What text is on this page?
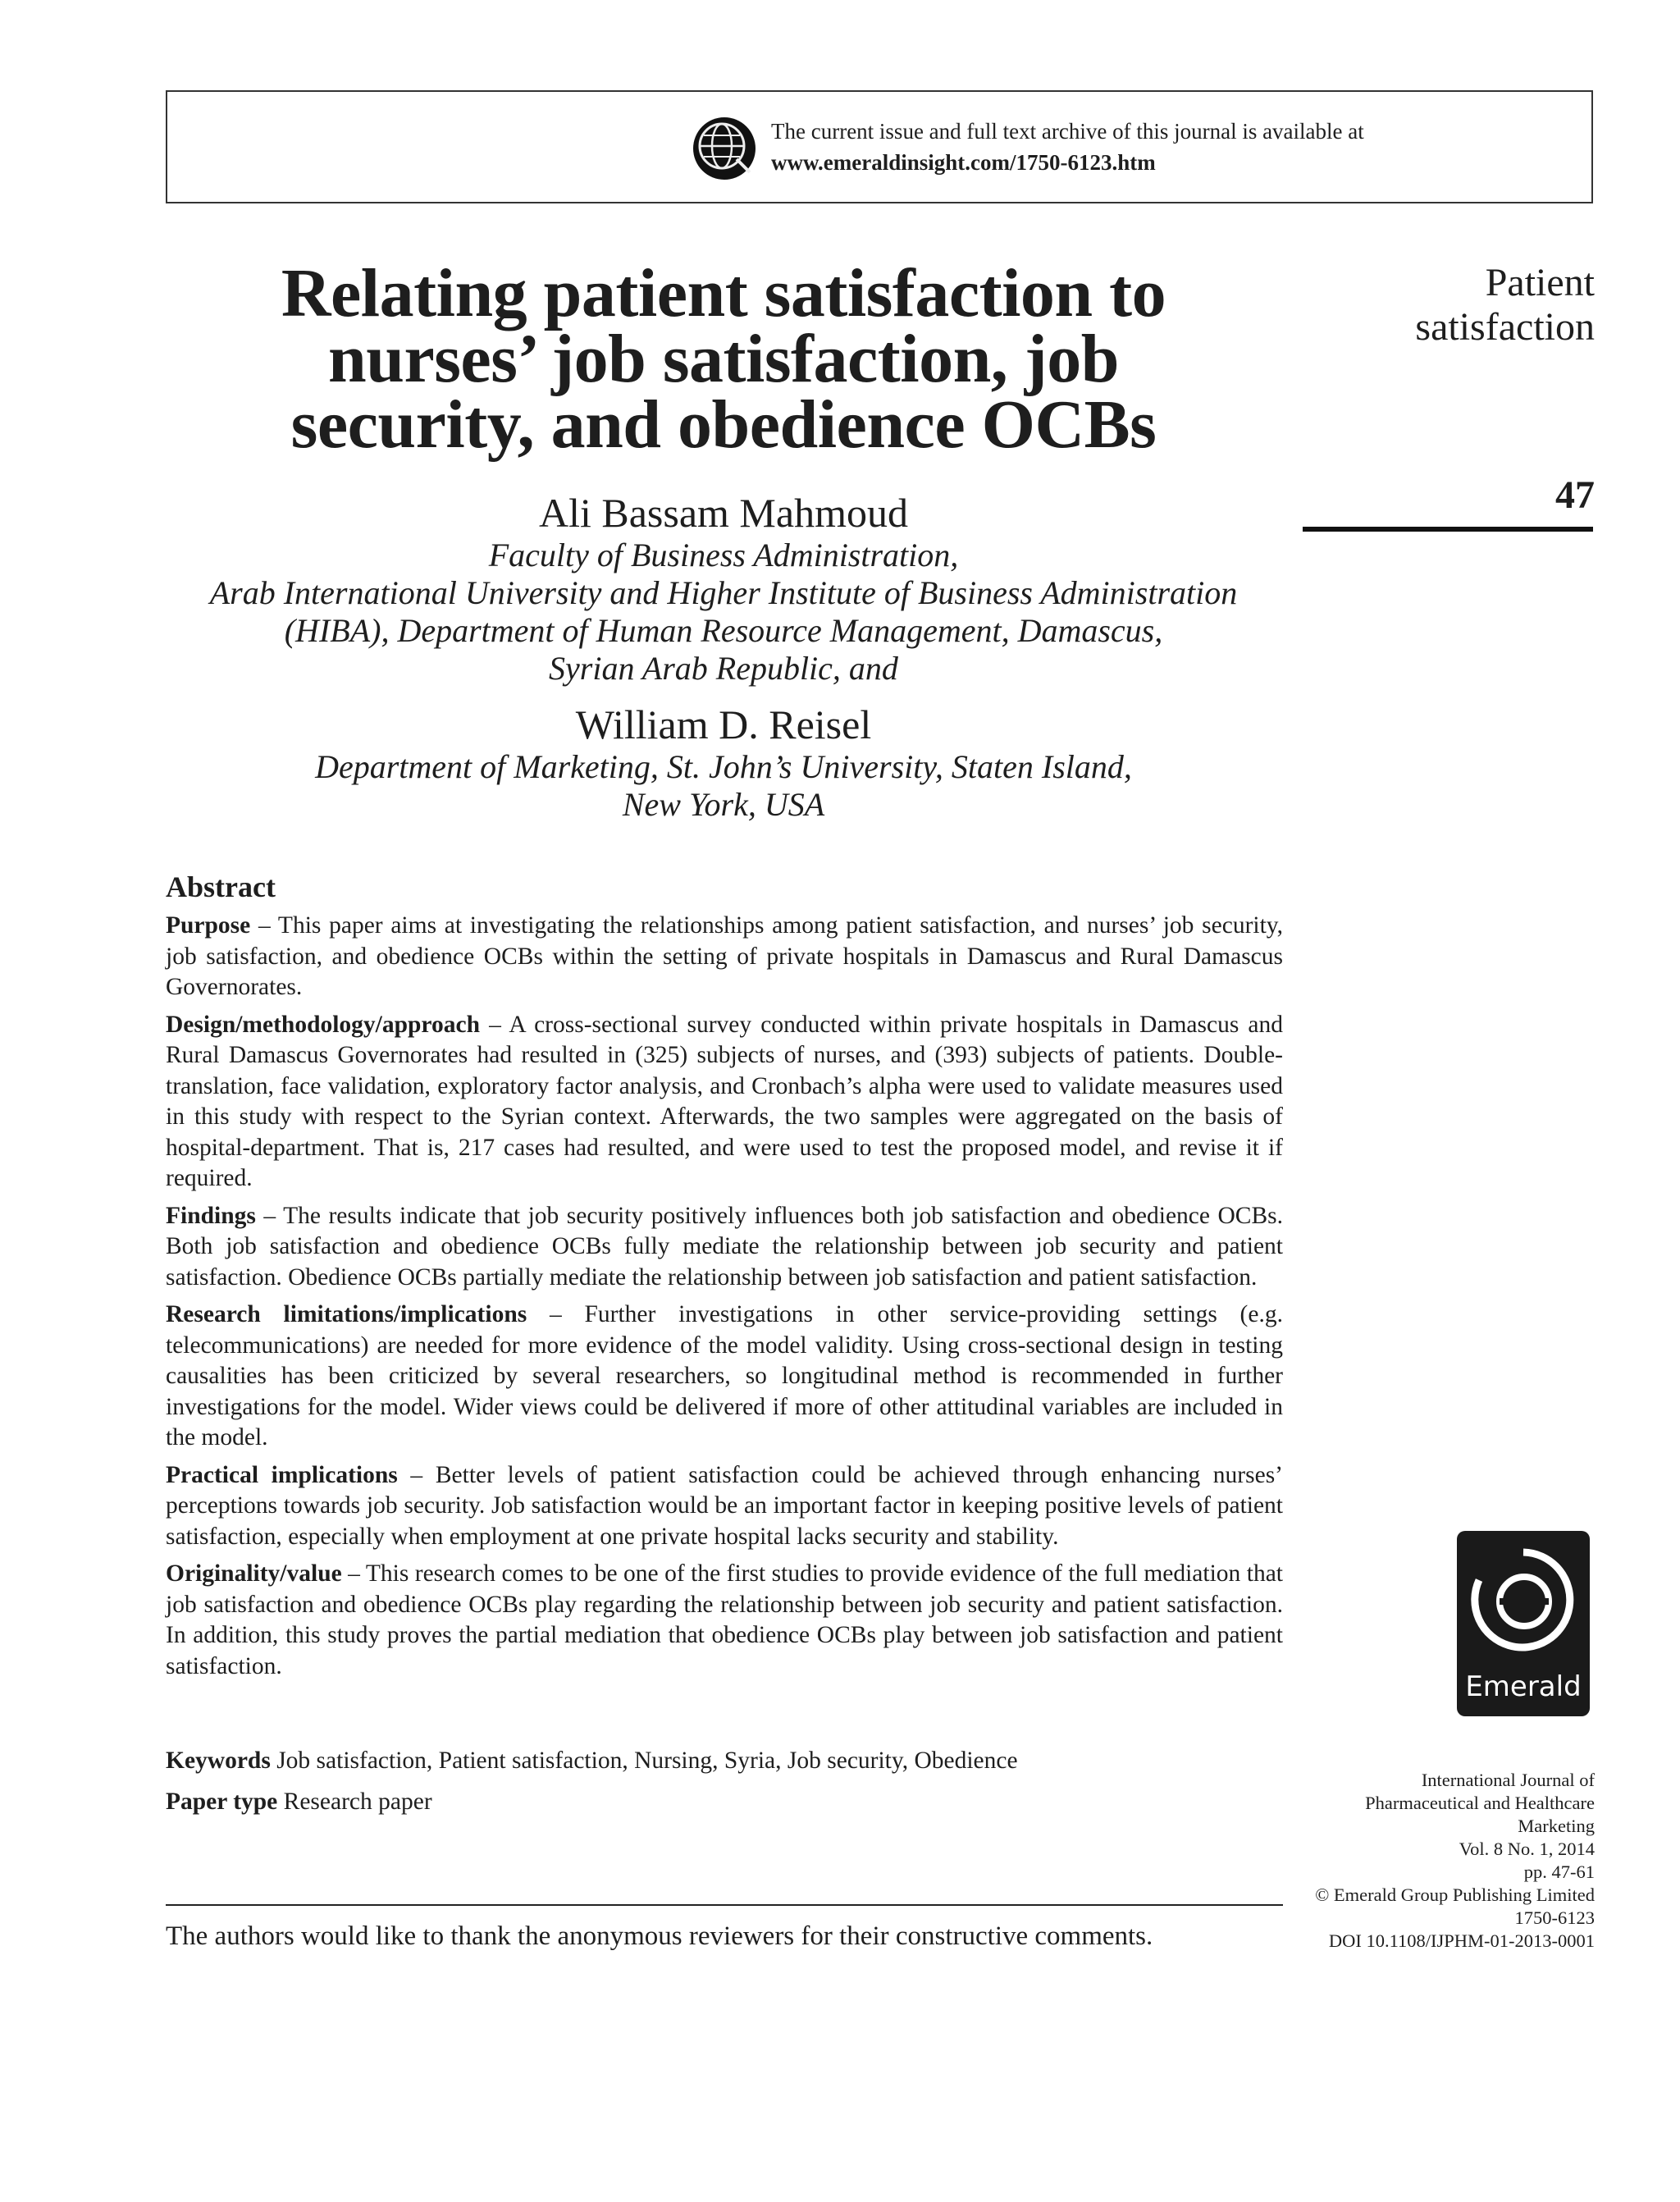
The current issue and full text archive of this journal is available at
www.emeraldinsight.com/1750-6123.htm
Relating patient satisfaction to
nurses’ job satisfaction, job
security, and obedience OCBs
Ali Bassam Mahmoud
Faculty of Business Administration,
Arab International University and Higher Institute of Business Administration
(HIBA), Department of Human Resource Management, Damascus,
Syrian Arab Republic, and
William D. Reisel
Department of Marketing, St. John’s University, Staten Island,
New York, USA
Patient
satisfaction
47
Abstract

Purpose – This paper aims at investigating the relationships among patient satisfaction, and nurses’ job security, job satisfaction, and obedience OCBs within the setting of private hospitals in Damascus and Rural Damascus Governorates.

Design/methodology/approach – A cross-sectional survey conducted within private hospitals in Damascus and Rural Damascus Governorates had resulted in (325) subjects of nurses, and (393) subjects of patients. Double-translation, face validation, exploratory factor analysis, and Cronbach’s alpha were used to validate measures used in this study with respect to the Syrian context. Afterwards, the two samples were aggregated on the basis of hospital-department. That is, 217 cases had resulted, and were used to test the proposed model, and revise it if required.

Findings – The results indicate that job security positively influences both job satisfaction and obedience OCBs. Both job satisfaction and obedience OCBs fully mediate the relationship between job security and patient satisfaction. Obedience OCBs partially mediate the relationship between job satisfaction and patient satisfaction.

Research limitations/implications – Further investigations in other service-providing settings (e.g. telecommunications) are needed for more evidence of the model validity. Using cross-sectional design in testing causalities has been criticized by several researchers, so longitudinal method is recommended in further investigations for the model. Wider views could be delivered if more of other attitudinal variables are included in the model.

Practical implications – Better levels of patient satisfaction could be achieved through enhancing nurses’ perceptions towards job security. Job satisfaction would be an important factor in keeping positive levels of patient satisfaction, especially when employment at one private hospital lacks security and stability.

Originality/value – This research comes to be one of the first studies to provide evidence of the full mediation that job satisfaction and obedience OCBs play regarding the relationship between job security and patient satisfaction. In addition, this study proves the partial mediation that obedience OCBs play between job satisfaction and patient satisfaction.

Keywords Job satisfaction, Patient satisfaction, Nursing, Syria, Job security, Obedience
Paper type Research paper
The authors would like to thank the anonymous reviewers for their constructive comments.
Emerald
International Journal of
Pharmaceutical and Healthcare
Marketing
Vol. 8 No. 1, 2014
pp. 47-61
© Emerald Group Publishing Limited
1750-6123
DOI 10.1108/IJPHM-01-2013-0001
